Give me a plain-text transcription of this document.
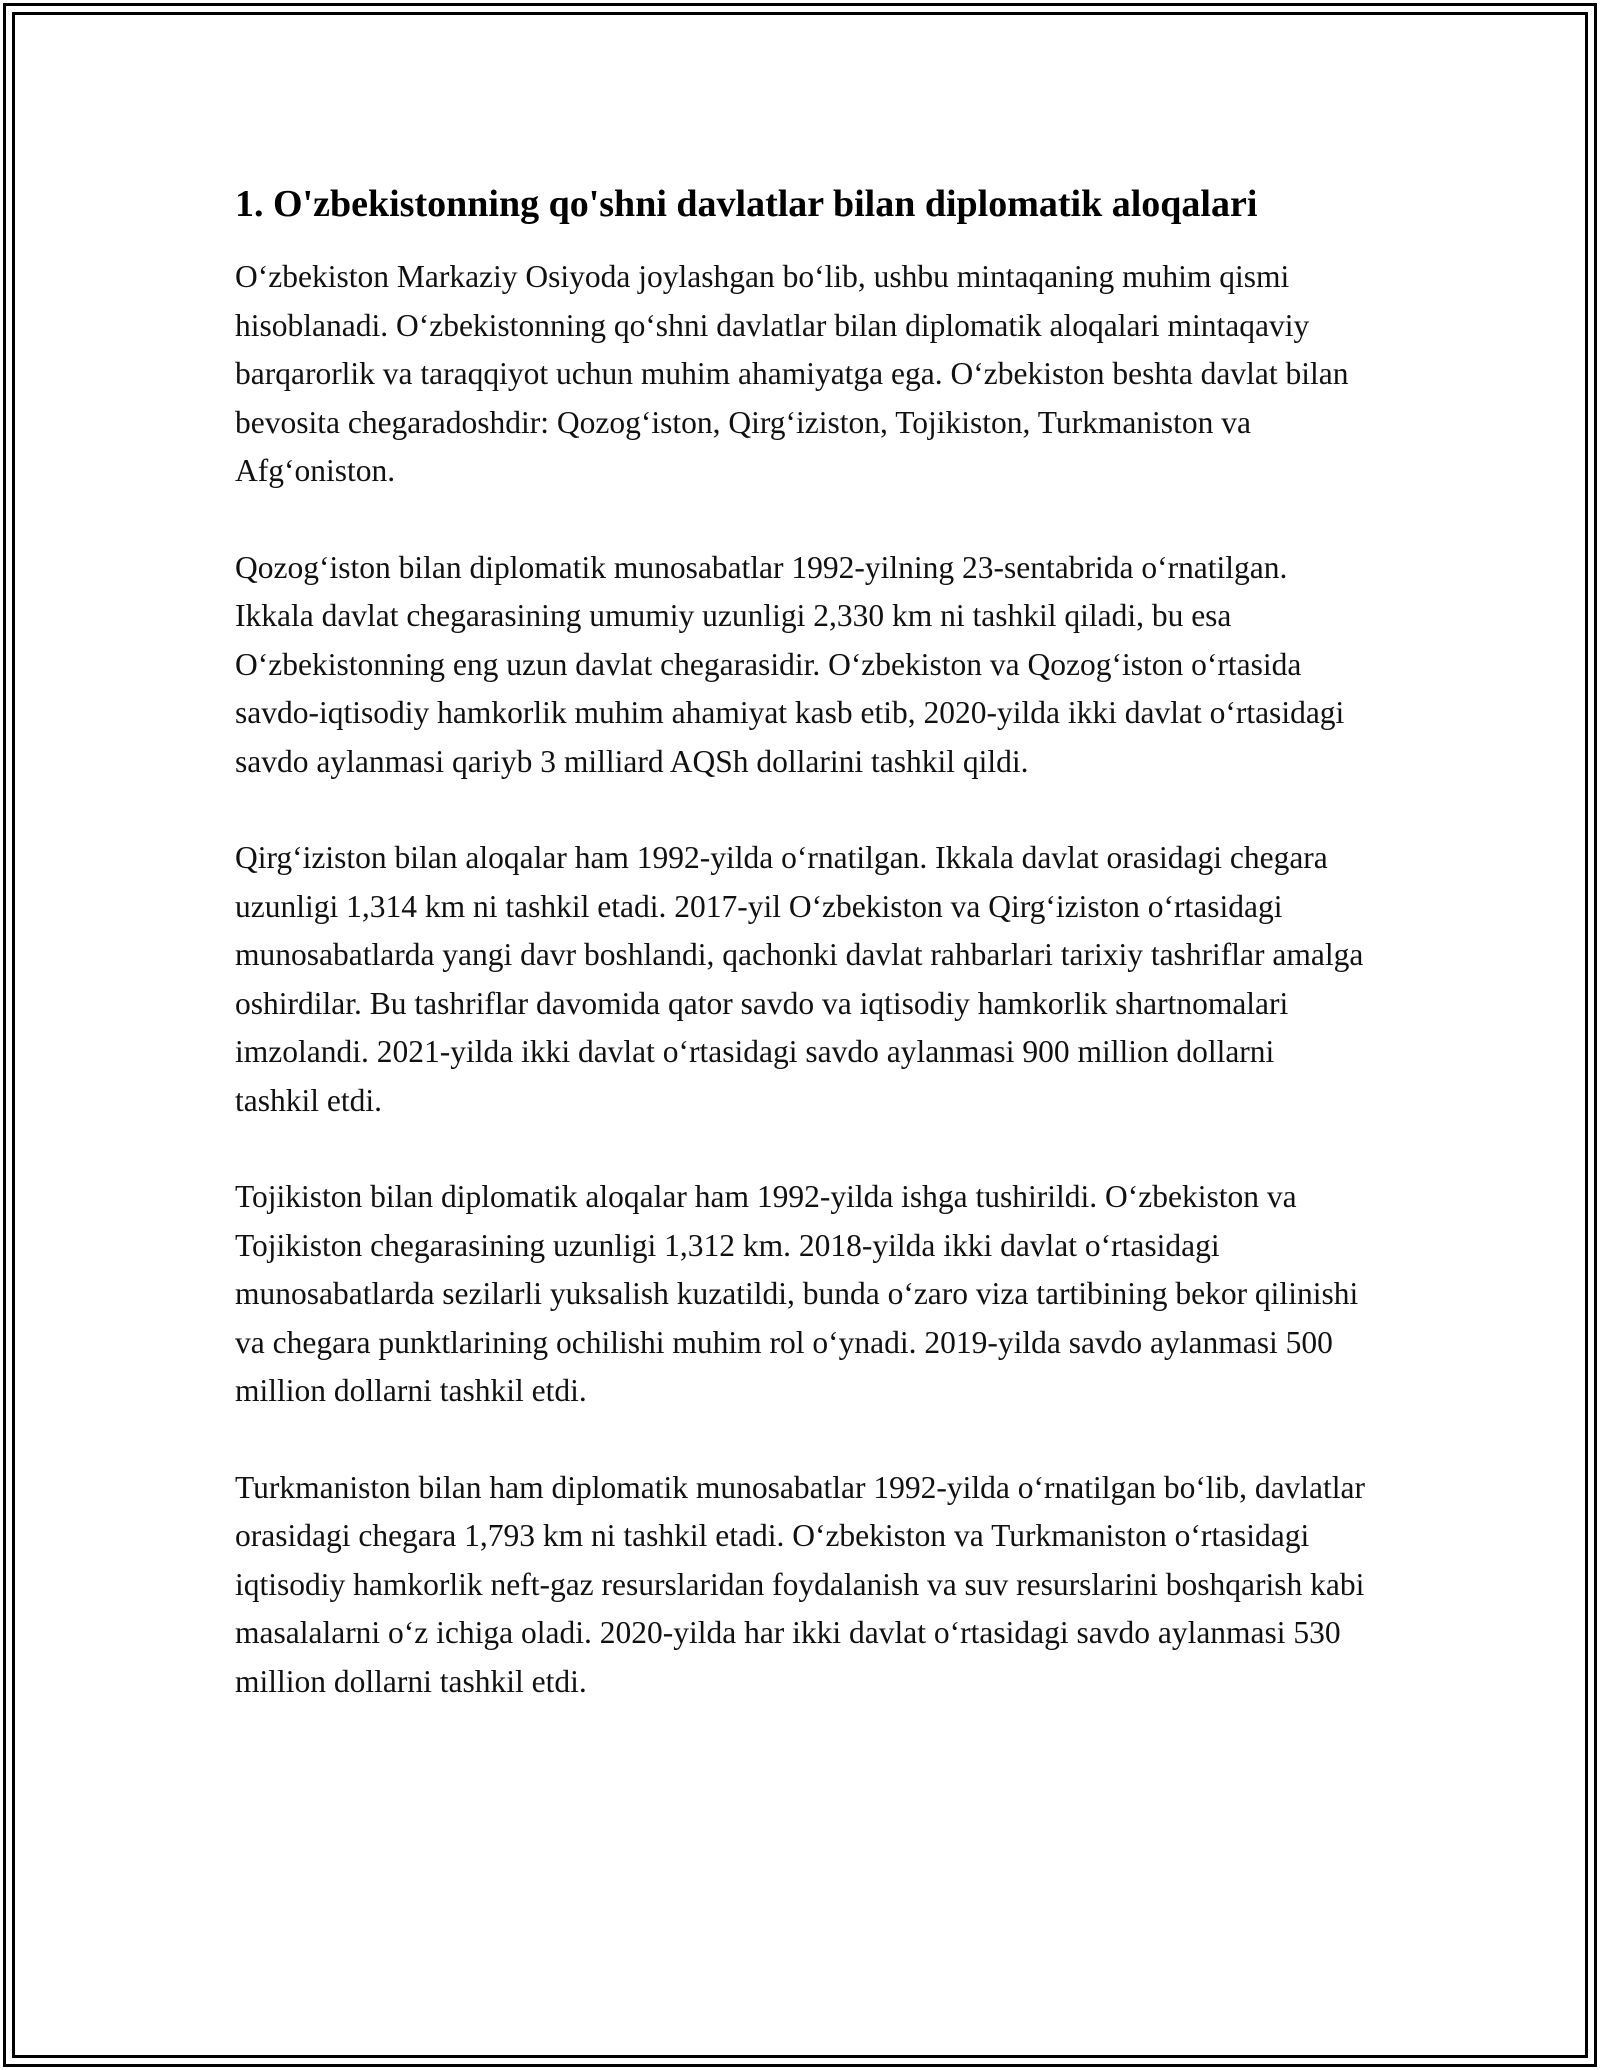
1. O'zbekistonning qo'shni davlatlar bilan diplomatik aloqalari

Oʻzbekiston Markaziy Osiyoda joylashgan boʻlib, ushbu mintaqaning muhim qismi hisoblanadi. Oʻzbekistonning qoʻshni davlatlar bilan diplomatik aloqalari mintaqaviy barqarorlik va taraqqiyot uchun muhim ahamiyatga ega. Oʻzbekiston beshta davlat bilan bevosita chegaradoshdir: Qozogʻiston, Qirgʻiziston, Tojikiston, Turkmaniston va Afgʻoniston.

Qozogʻiston bilan diplomatik munosabatlar 1992-yilning 23-sentabrida oʻrnatilgan. Ikkala davlat chegarasining umumiy uzunligi 2,330 km ni tashkil qiladi, bu esa Oʻzbekistonning eng uzun davlat chegarasidir. Oʻzbekiston va Qozogʻiston oʻrtasida savdo-iqtisodiy hamkorlik muhim ahamiyat kasb etib, 2020-yilda ikki davlat oʻrtasidagi savdo aylanmasi qariyb 3 milliard AQSh dollarini tashkil qildi.

Qirgʻiziston bilan aloqalar ham 1992-yilda oʻrnatilgan. Ikkala davlat orasidagi chegara uzunligi 1,314 km ni tashkil etadi. 2017-yil Oʻzbekiston va Qirgʻiziston oʻrtasidagi munosabatlarda yangi davr boshlandi, qachonki davlat rahbarlari tarixiy tashriflar amalga oshirdilar. Bu tashriflar davomida qator savdo va iqtisodiy hamkorlik shartnomalari imzolandi. 2021-yilda ikki davlat oʻrtasidagi savdo aylanmasi 900 million dollarni tashkil etdi.

Tojikiston bilan diplomatik aloqalar ham 1992-yilda ishga tushirildi. Oʻzbekiston va Tojikiston chegarasining uzunligi 1,312 km. 2018-yilda ikki davlat oʻrtasidagi munosabatlarda sezilarli yuksalish kuzatildi, bunda oʻzaro viza tartibining bekor qilinishi va chegara punktlarining ochilishi muhim rol oʻynadi. 2019-yilda savdo aylanmasi 500 million dollarni tashkil etdi.

Turkmaniston bilan ham diplomatik munosabatlar 1992-yilda oʻrnatilgan boʻlib, davlatlar orasidagi chegara 1,793 km ni tashkil etadi. Oʻzbekiston va Turkmaniston oʻrtasidagi iqtisodiy hamkorlik neft-gaz resurslaridan foydalanish va suv resurslarini boshqarish kabi masalalarni oʻz ichiga oladi. 2020-yilda har ikki davlat oʻrtasidagi savdo aylanmasi 530 million dollarni tashkil etdi.
